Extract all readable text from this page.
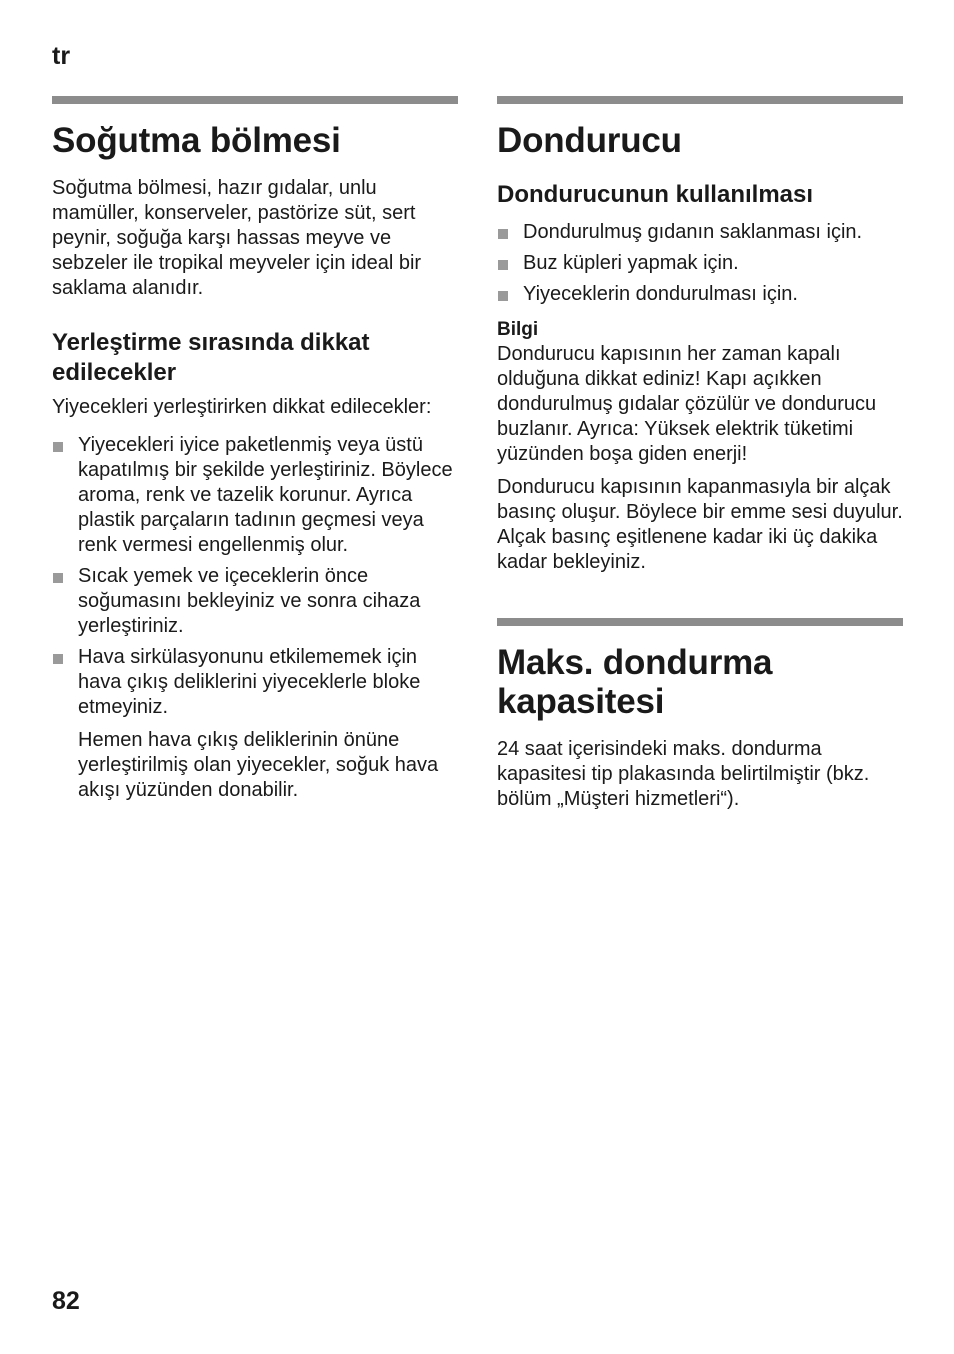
tr
Soğutma bölmesi

Soğutma bölmesi, hazır gıdalar, unlu mamüller, konserveler, pastörize süt, sert peynir, soğuğa karşı hassas meyve ve sebzeler ile tropikal meyveler için ideal bir saklama alanıdır.

Yerleştirme sırasında dikkat edilecekler

Yiyecekleri yerleştirirken dikkat edilecekler:

Yiyecekleri iyice paketlenmiş veya üstü kapatılmış bir şekilde yerleştiriniz. Böylece aroma, renk ve tazelik korunur. Ayrıca plastik parçaların tadının geçmesi veya renk vermesi engellenmiş olur.
Sıcak yemek ve içeceklerin önce soğumasını bekleyiniz ve sonra cihaza yerleştiriniz.
Hava sirkülasyonunu etkilememek için hava çıkış deliklerini yiyeceklerle bloke etmeyiniz.

Hemen hava çıkış deliklerinin önüne yerleştirilmiş olan yiyecekler, soğuk hava akışı yüzünden donabilir.

Dondurucu
Dondurucunun kullanılması
Dondurulmuş gıdanın saklanması için.
Buz küpleri yapmak için.
Yiyeceklerin dondurulması için.
Bilgi

Dondurucu kapısının her zaman kapalı olduğuna dikkat ediniz! Kapı açıkken dondurulmuş gıdalar çözülür ve dondurucu buzlanır. Ayrıca: Yüksek elektrik tüketimi yüzünden boşa giden enerji!

Dondurucu kapısının kapanmasıyla bir alçak basınç oluşur. Böylece bir emme sesi duyulur. Alçak basınç eşitlenene kadar iki üç dakika kadar bekleyiniz.

Maks. dondurma kapasitesi

24 saat içerisindeki maks. dondurma kapasitesi tip plakasında belirtilmiştir (bkz. bölüm „Müşteri hizmetleri“).

82
